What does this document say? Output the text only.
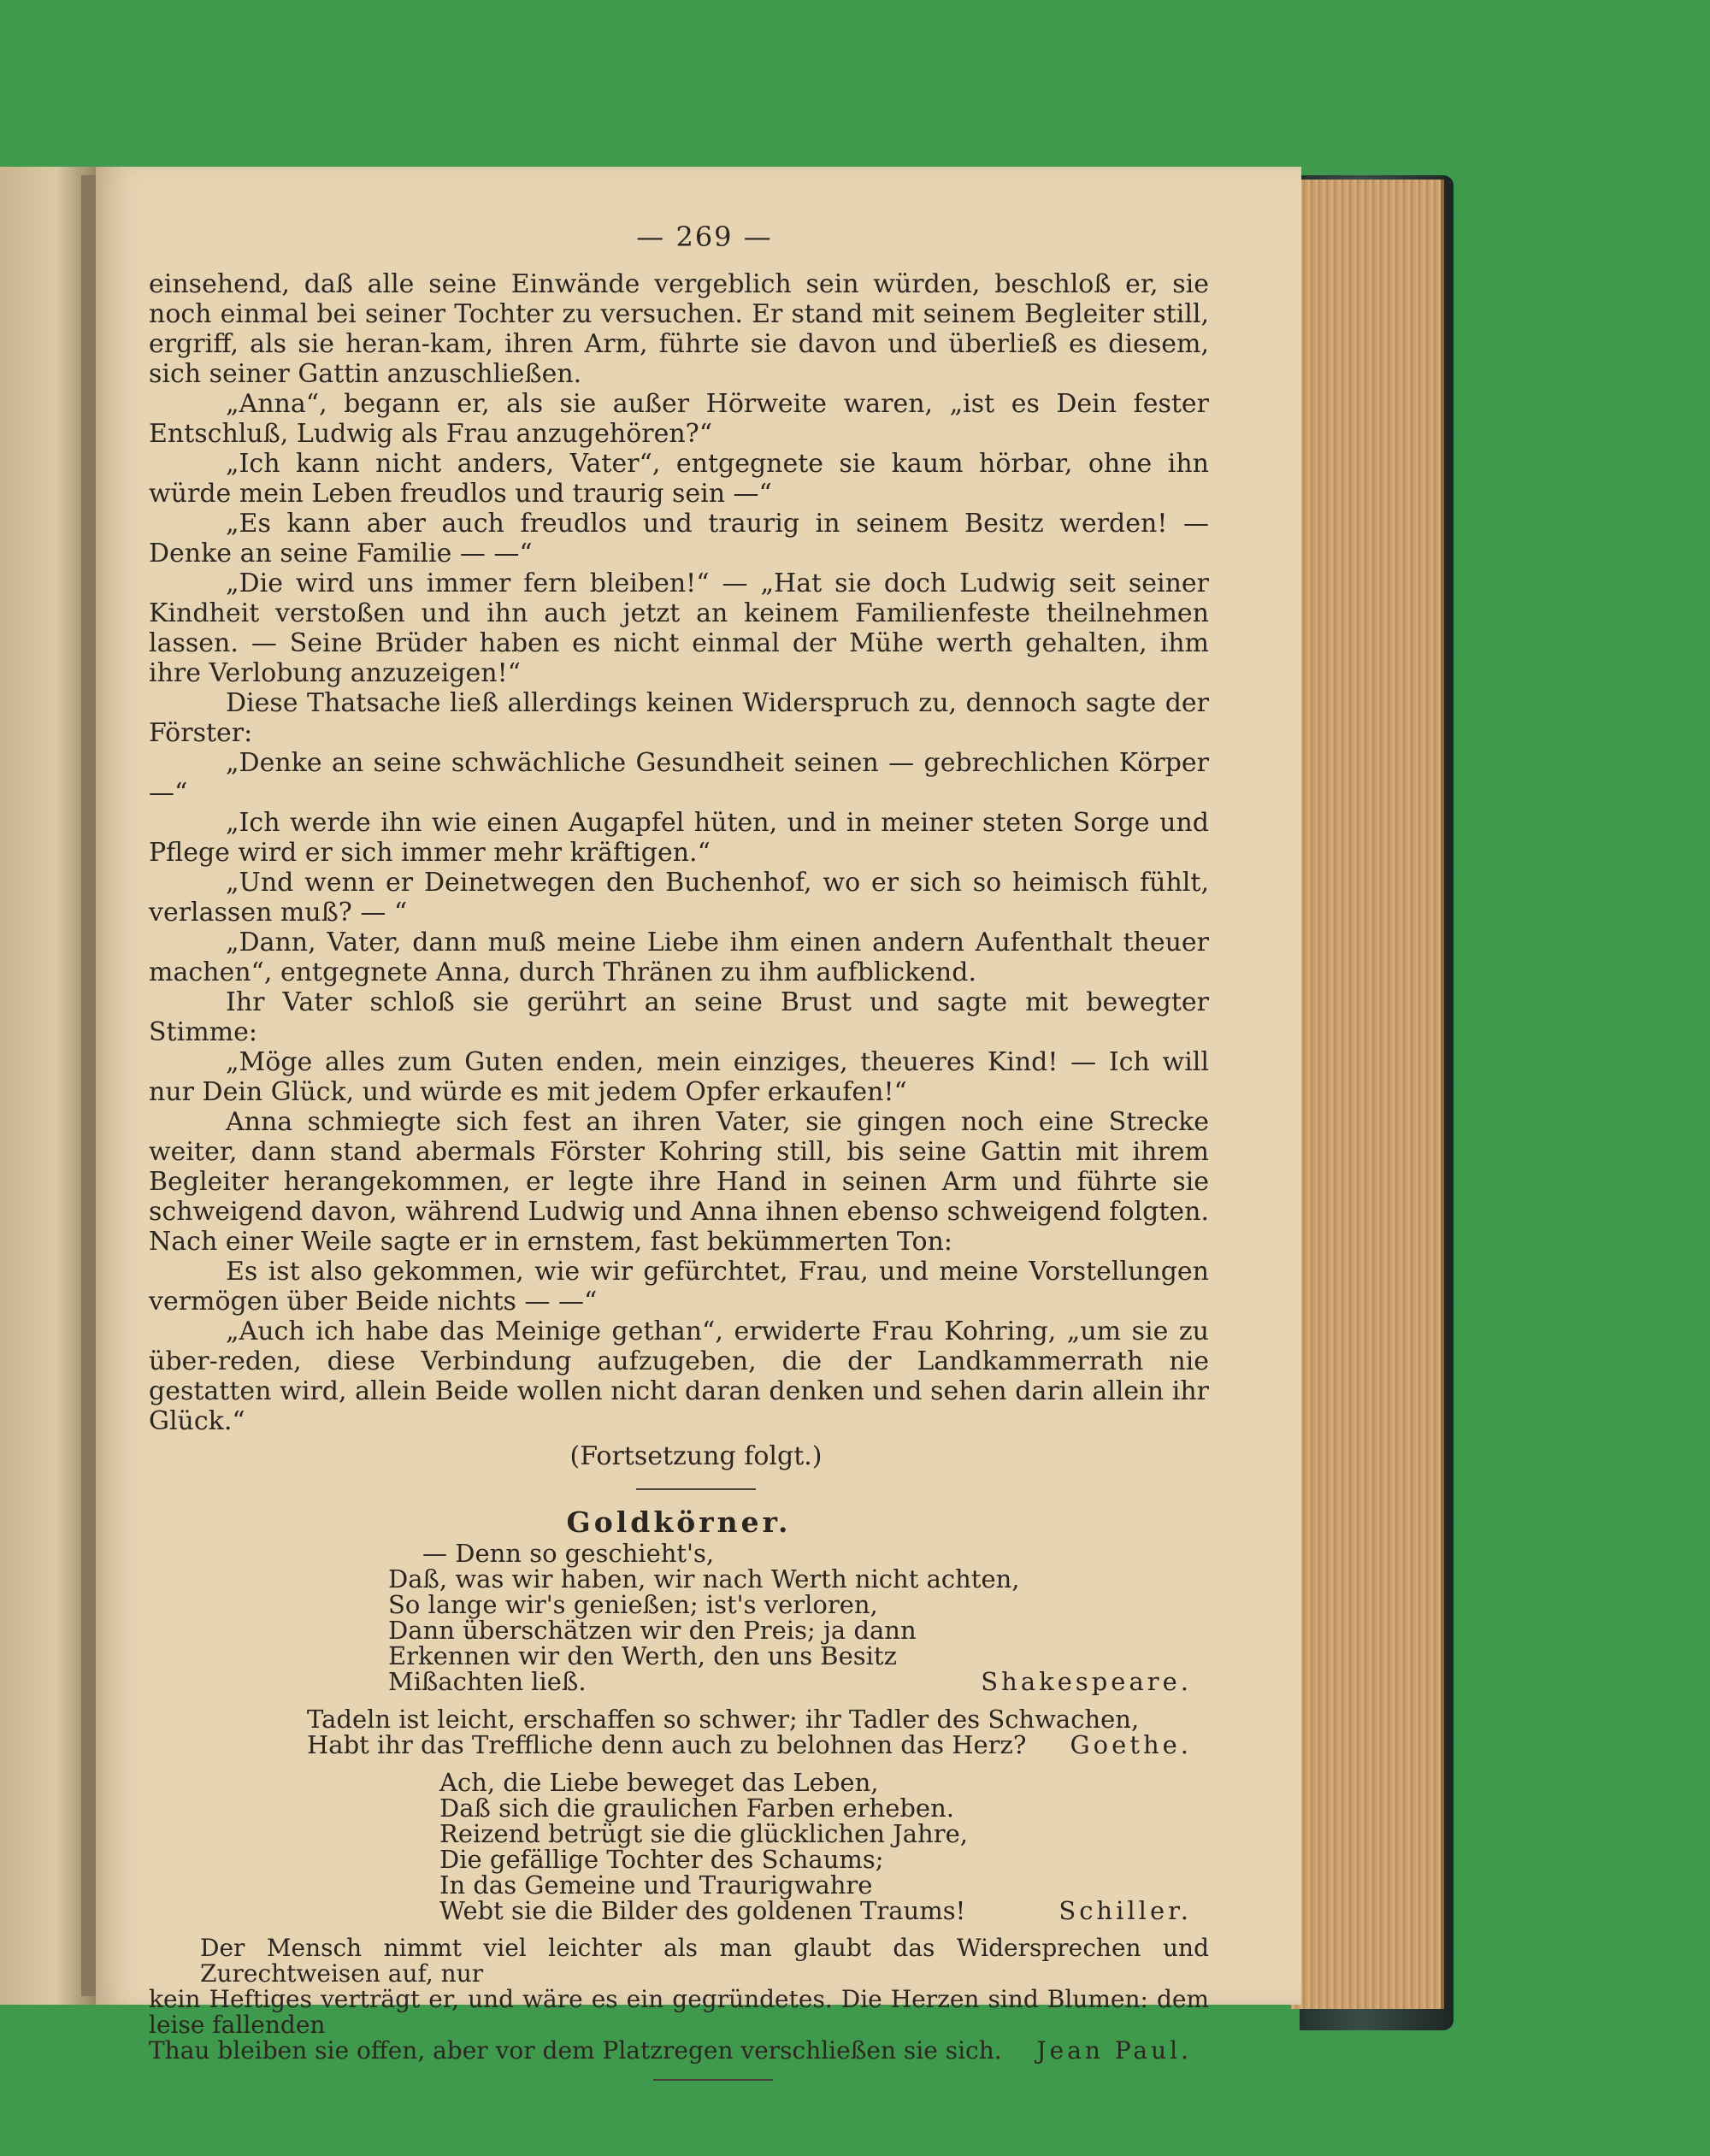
— 269 —

einsehend, daß alle seine Einwände vergeblich sein würden, beschloß er, sie noch einmal bei seiner Tochter zu versuchen. Er stand mit seinem Begleiter still, ergriff, als sie heran-kam, ihren Arm, führte sie davon und überließ es diesem, sich seiner Gattin anzuschließen.

„Anna“, begann er, als sie außer Hörweite waren, „ist es Dein fester Entschluß, Ludwig als Frau anzugehören?“

„Ich kann nicht anders, Vater“, entgegnete sie kaum hörbar, ohne ihn würde mein Leben freudlos und traurig sein —“

„Es kann aber auch freudlos und traurig in seinem Besitz werden! — Denke an seine Familie — —“

„Die wird uns immer fern bleiben!“ — „Hat sie doch Ludwig seit seiner Kindheit verstoßen und ihn auch jetzt an keinem Familienfeste theilnehmen lassen. — Seine Brüder haben es nicht einmal der Mühe werth gehalten, ihm ihre Verlobung anzuzeigen!“

Diese Thatsache ließ allerdings keinen Widerspruch zu, dennoch sagte der Förster:

„Denke an seine schwächliche Gesundheit seinen — gebrechlichen Körper —“

„Ich werde ihn wie einen Augapfel hüten, und in meiner steten Sorge und Pflege wird er sich immer mehr kräftigen.“

„Und wenn er Deinetwegen den Buchenhof, wo er sich so heimisch fühlt, verlassen muß? — “

„Dann, Vater, dann muß meine Liebe ihm einen andern Aufenthalt theuer machen“, entgegnete Anna, durch Thränen zu ihm aufblickend.

Ihr Vater schloß sie gerührt an seine Brust und sagte mit bewegter Stimme:

„Möge alles zum Guten enden, mein einziges, theueres Kind! — Ich will nur Dein Glück, und würde es mit jedem Opfer erkaufen!“

Anna schmiegte sich fest an ihren Vater, sie gingen noch eine Strecke weiter, dann stand abermals Förster Kohring still, bis seine Gattin mit ihrem Begleiter herangekommen, er legte ihre Hand in seinen Arm und führte sie schweigend davon, während Ludwig und Anna ihnen ebenso schweigend folgten. Nach einer Weile sagte er in ernstem, fast bekümmerten Ton:

Es ist also gekommen, wie wir gefürchtet, Frau, und meine Vorstellungen vermögen über Beide nichts — —“

„Auch ich habe das Meinige gethan“, erwiderte Frau Kohring, „um sie zu über-reden, diese Verbindung aufzugeben, die der Landkammerrath nie gestatten wird, allein Beide wollen nicht daran denken und sehen darin allein ihr Glück.“

(Fortsetzung folgt.)
Goldkörner.
— Denn so geschieht's,
Daß, was wir haben, wir nach Werth nicht achten,
So lange wir's genießen; ist's verloren,
Dann überschätzen wir den Preis; ja dann
Erkennen wir den Werth, den uns Besitz
Mißachten ließ.	Shakespeare.
Tadeln ist leicht, erschaffen so schwer; ihr Tadler des Schwachen,
Habt ihr das Treffliche denn auch zu belohnen das Herz?	Goethe.
Ach, die Liebe beweget das Leben,
Daß sich die graulichen Farben erheben.
Reizend betrügt sie die glücklichen Jahre,
Die gefällige Tochter des Schaums;
In das Gemeine und Traurigwahre
Webt sie die Bilder des goldenen Traums!	Schiller.
Der Mensch nimmt viel leichter als man glaubt das Widersprechen und Zurechtweisen auf, nur
kein Heftiges verträgt er, und wäre es ein gegründetes. Die Herzen sind Blumen: dem leise fallenden
Thau bleiben sie offen, aber vor dem Platzregen verschließen sie sich.	Jean Paul.
